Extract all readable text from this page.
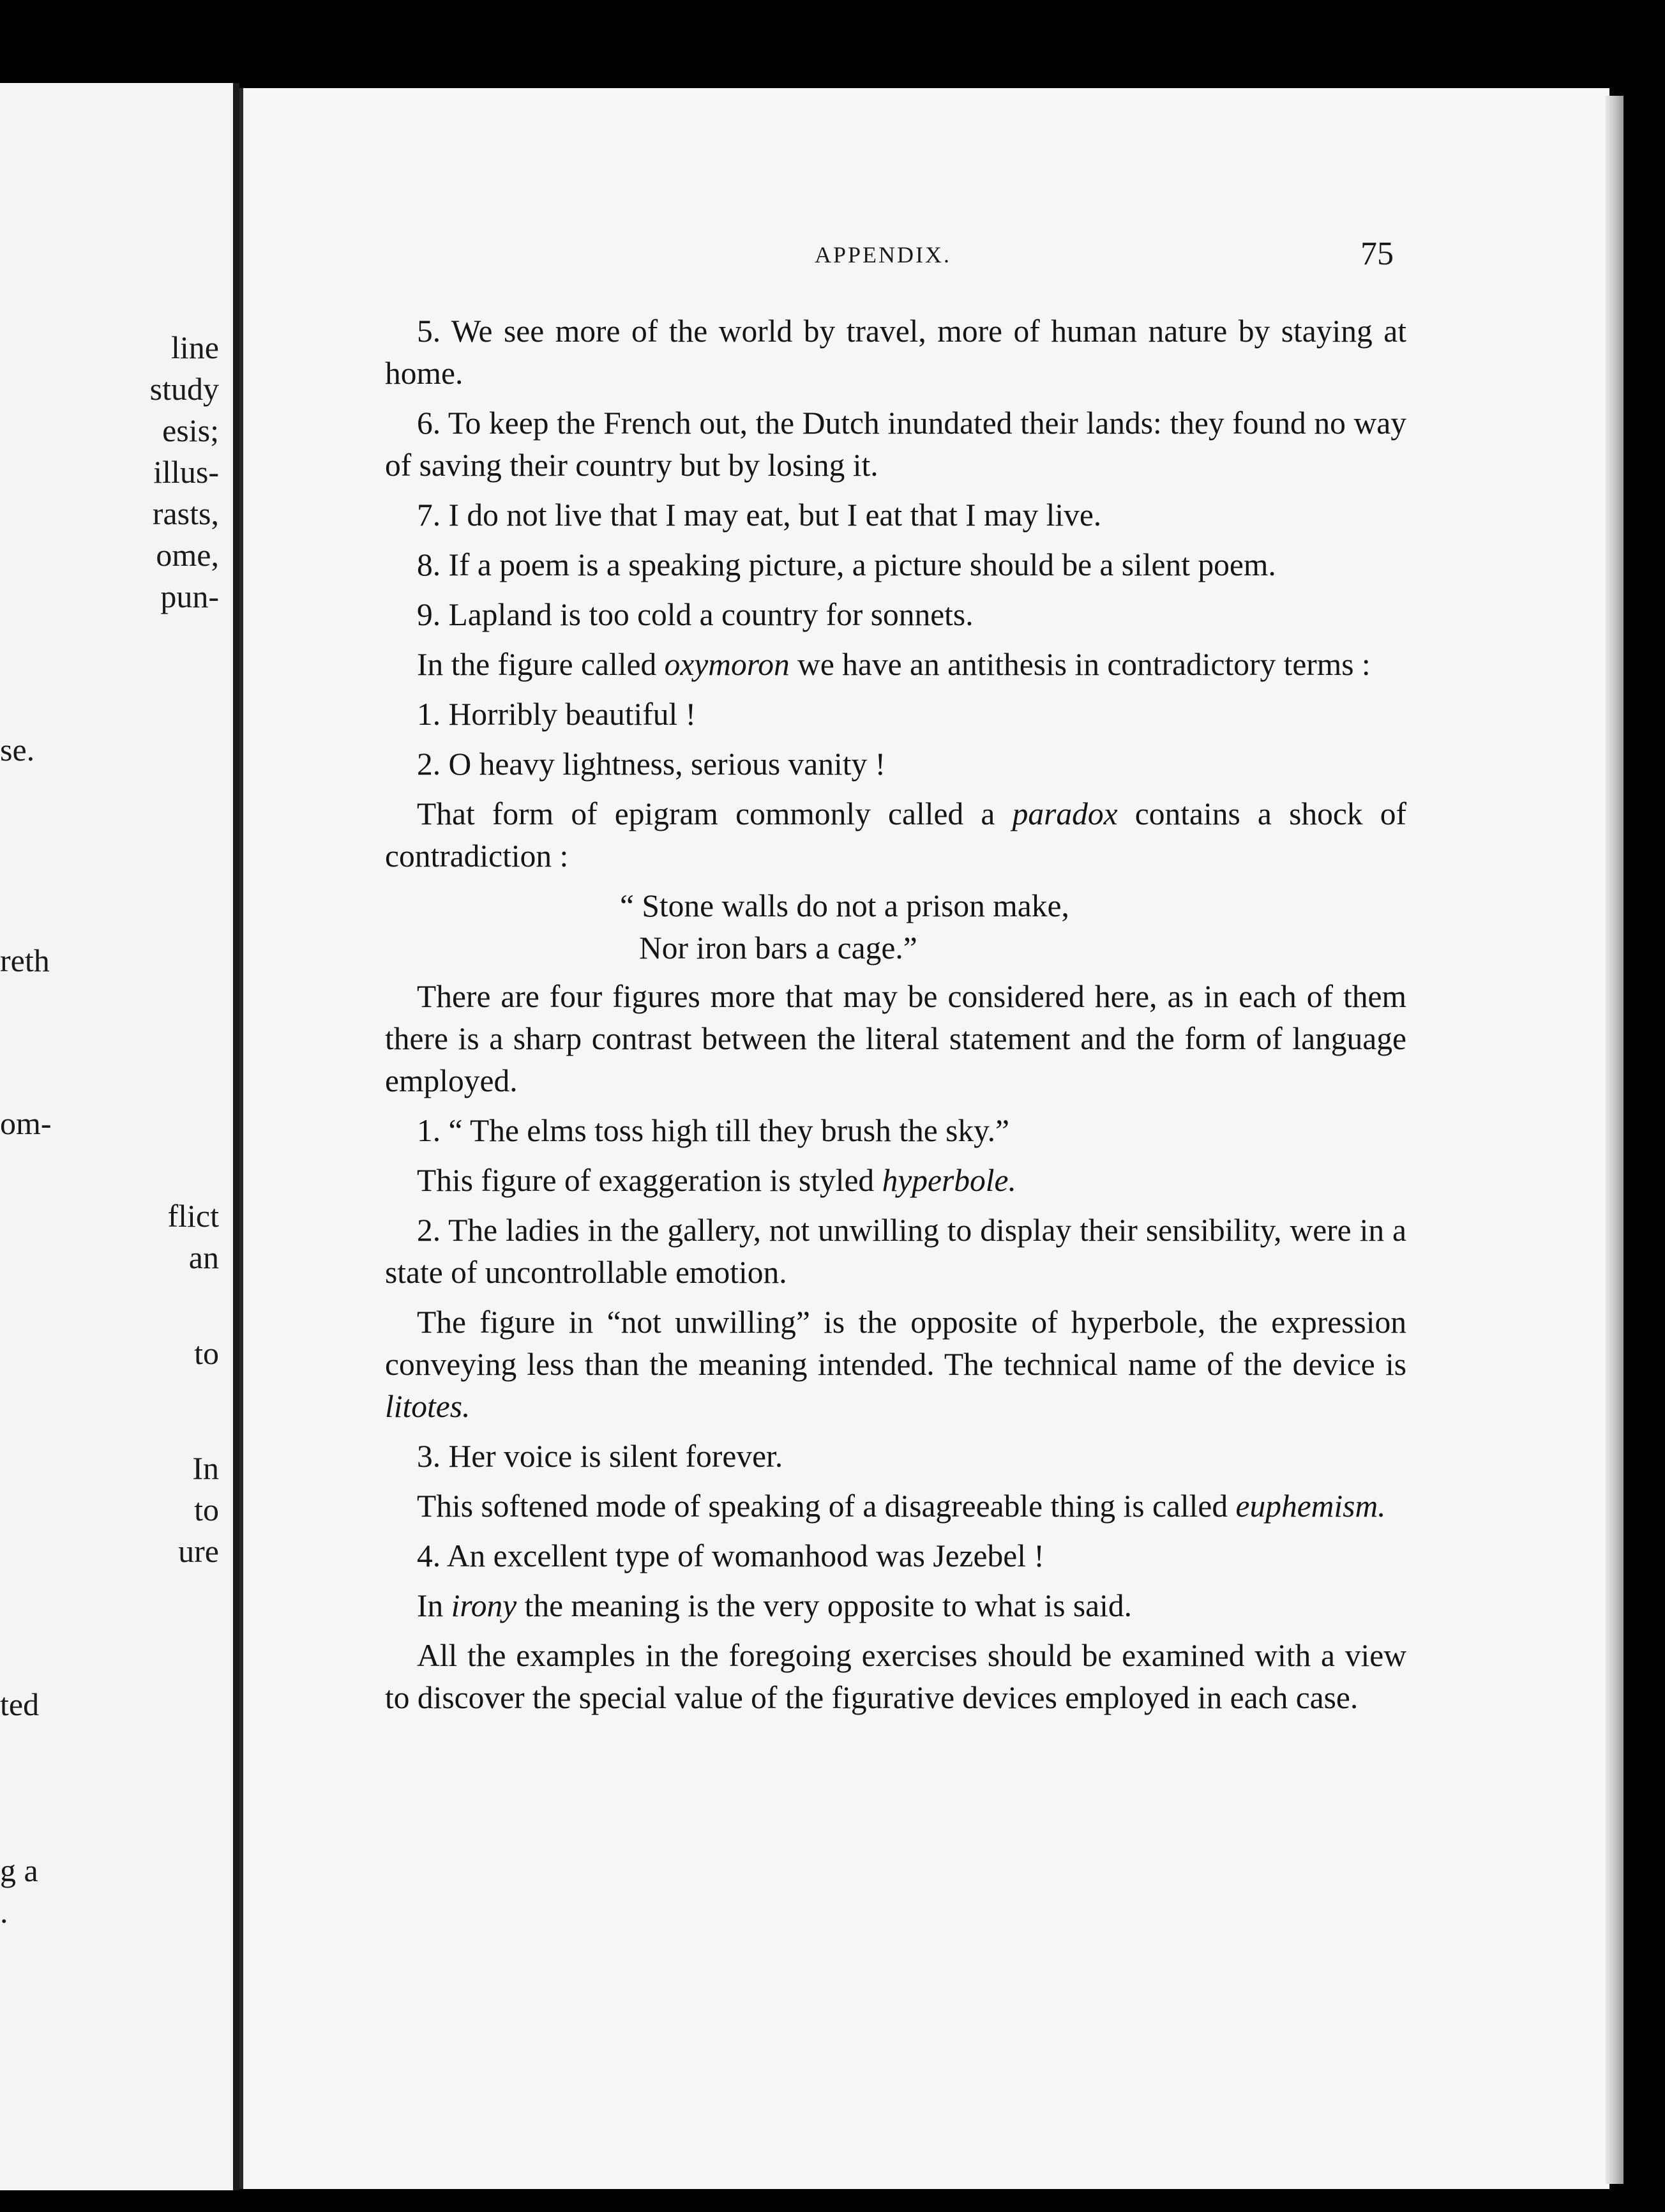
line
study
esis;
illus-
rasts,
ome,
pun-
se.
reth
om-
flict
an
to
In
to
ure
ted
g a
.
APPENDIX.	75

5. We see more of the world by travel, more of human nature by staying at home.

6. To keep the French out, the Dutch inundated their lands: they found no way of saving their country but by losing it.

7. I do not live that I may eat, but I eat that I may live.

8. If a poem is a speaking picture, a picture should be a silent poem.

9. Lapland is too cold a country for sonnets.

In the figure called oxymoron we have an antithesis in contradictory terms :

1. Horribly beautiful !

2. O heavy lightness, serious vanity !

That form of epigram commonly called a paradox contains a shock of contradiction :

“ Stone walls do not a prison make,
Nor iron bars a cage.”

There are four figures more that may be considered here, as in each of them there is a sharp contrast between the literal statement and the form of language employed.

1. “ The elms toss high till they brush the sky.”

This figure of exaggeration is styled hyperbole.

2. The ladies in the gallery, not unwilling to display their sensibility, were in a state of uncontrollable emotion.

The figure in “not unwilling” is the opposite of hyperbole, the expression conveying less than the meaning intended. The technical name of the device is litotes.

3. Her voice is silent forever.

This softened mode of speaking of a disagreeable thing is called euphemism.

4. An excellent type of womanhood was Jezebel !

In irony the meaning is the very opposite to what is said.

All the examples in the foregoing exercises should be examined with a view to discover the special value of the figurative devices employed in each case.
